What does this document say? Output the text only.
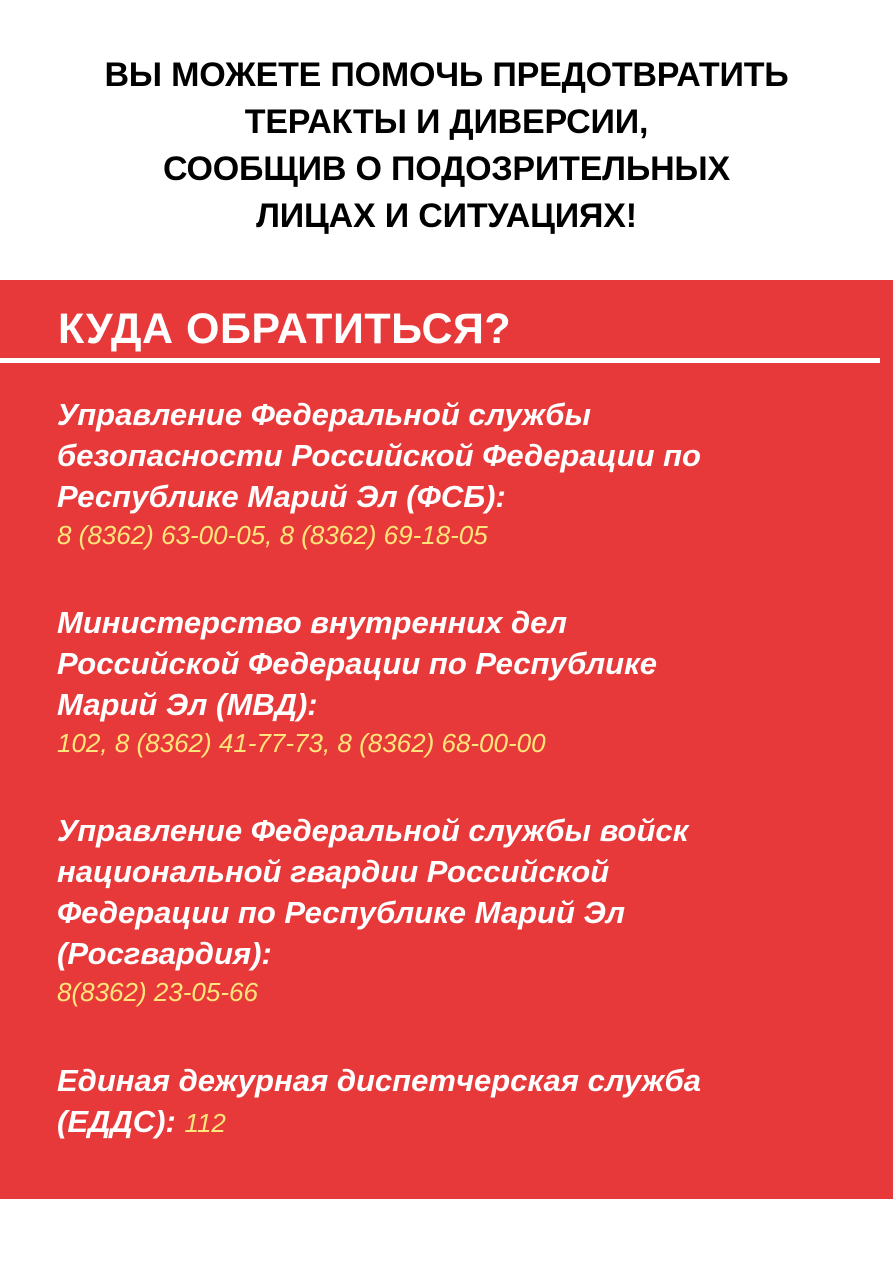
ВЫ МОЖЕТЕ ПОМОЧЬ ПРЕДОТВРАТИТЬ
ТЕРАКТЫ И ДИВЕРСИИ,
СООБЩИВ О ПОДОЗРИТЕЛЬНЫХ
ЛИЦАХ И СИТУАЦИЯХ!
КУДА ОБРАТИТЬСЯ?

Управление Федеральной службы
безопасности Российской Федерации по
Республике Марий Эл (ФСБ):

8 (8362) 63-00-05, 8 (8362) 69-18-05

Министерство внутренних дел
Российской Федерации по Республике
Марий Эл (МВД):

102, 8 (8362) 41-77-73, 8 (8362) 68-00-00

Управление Федеральной службы войск
национальной гвардии Российской
Федерации по Республике Марий Эл
(Росгвардия):

8(8362) 23-05-66

Единая дежурная диспетчерская служба
(ЕДДС): 112
